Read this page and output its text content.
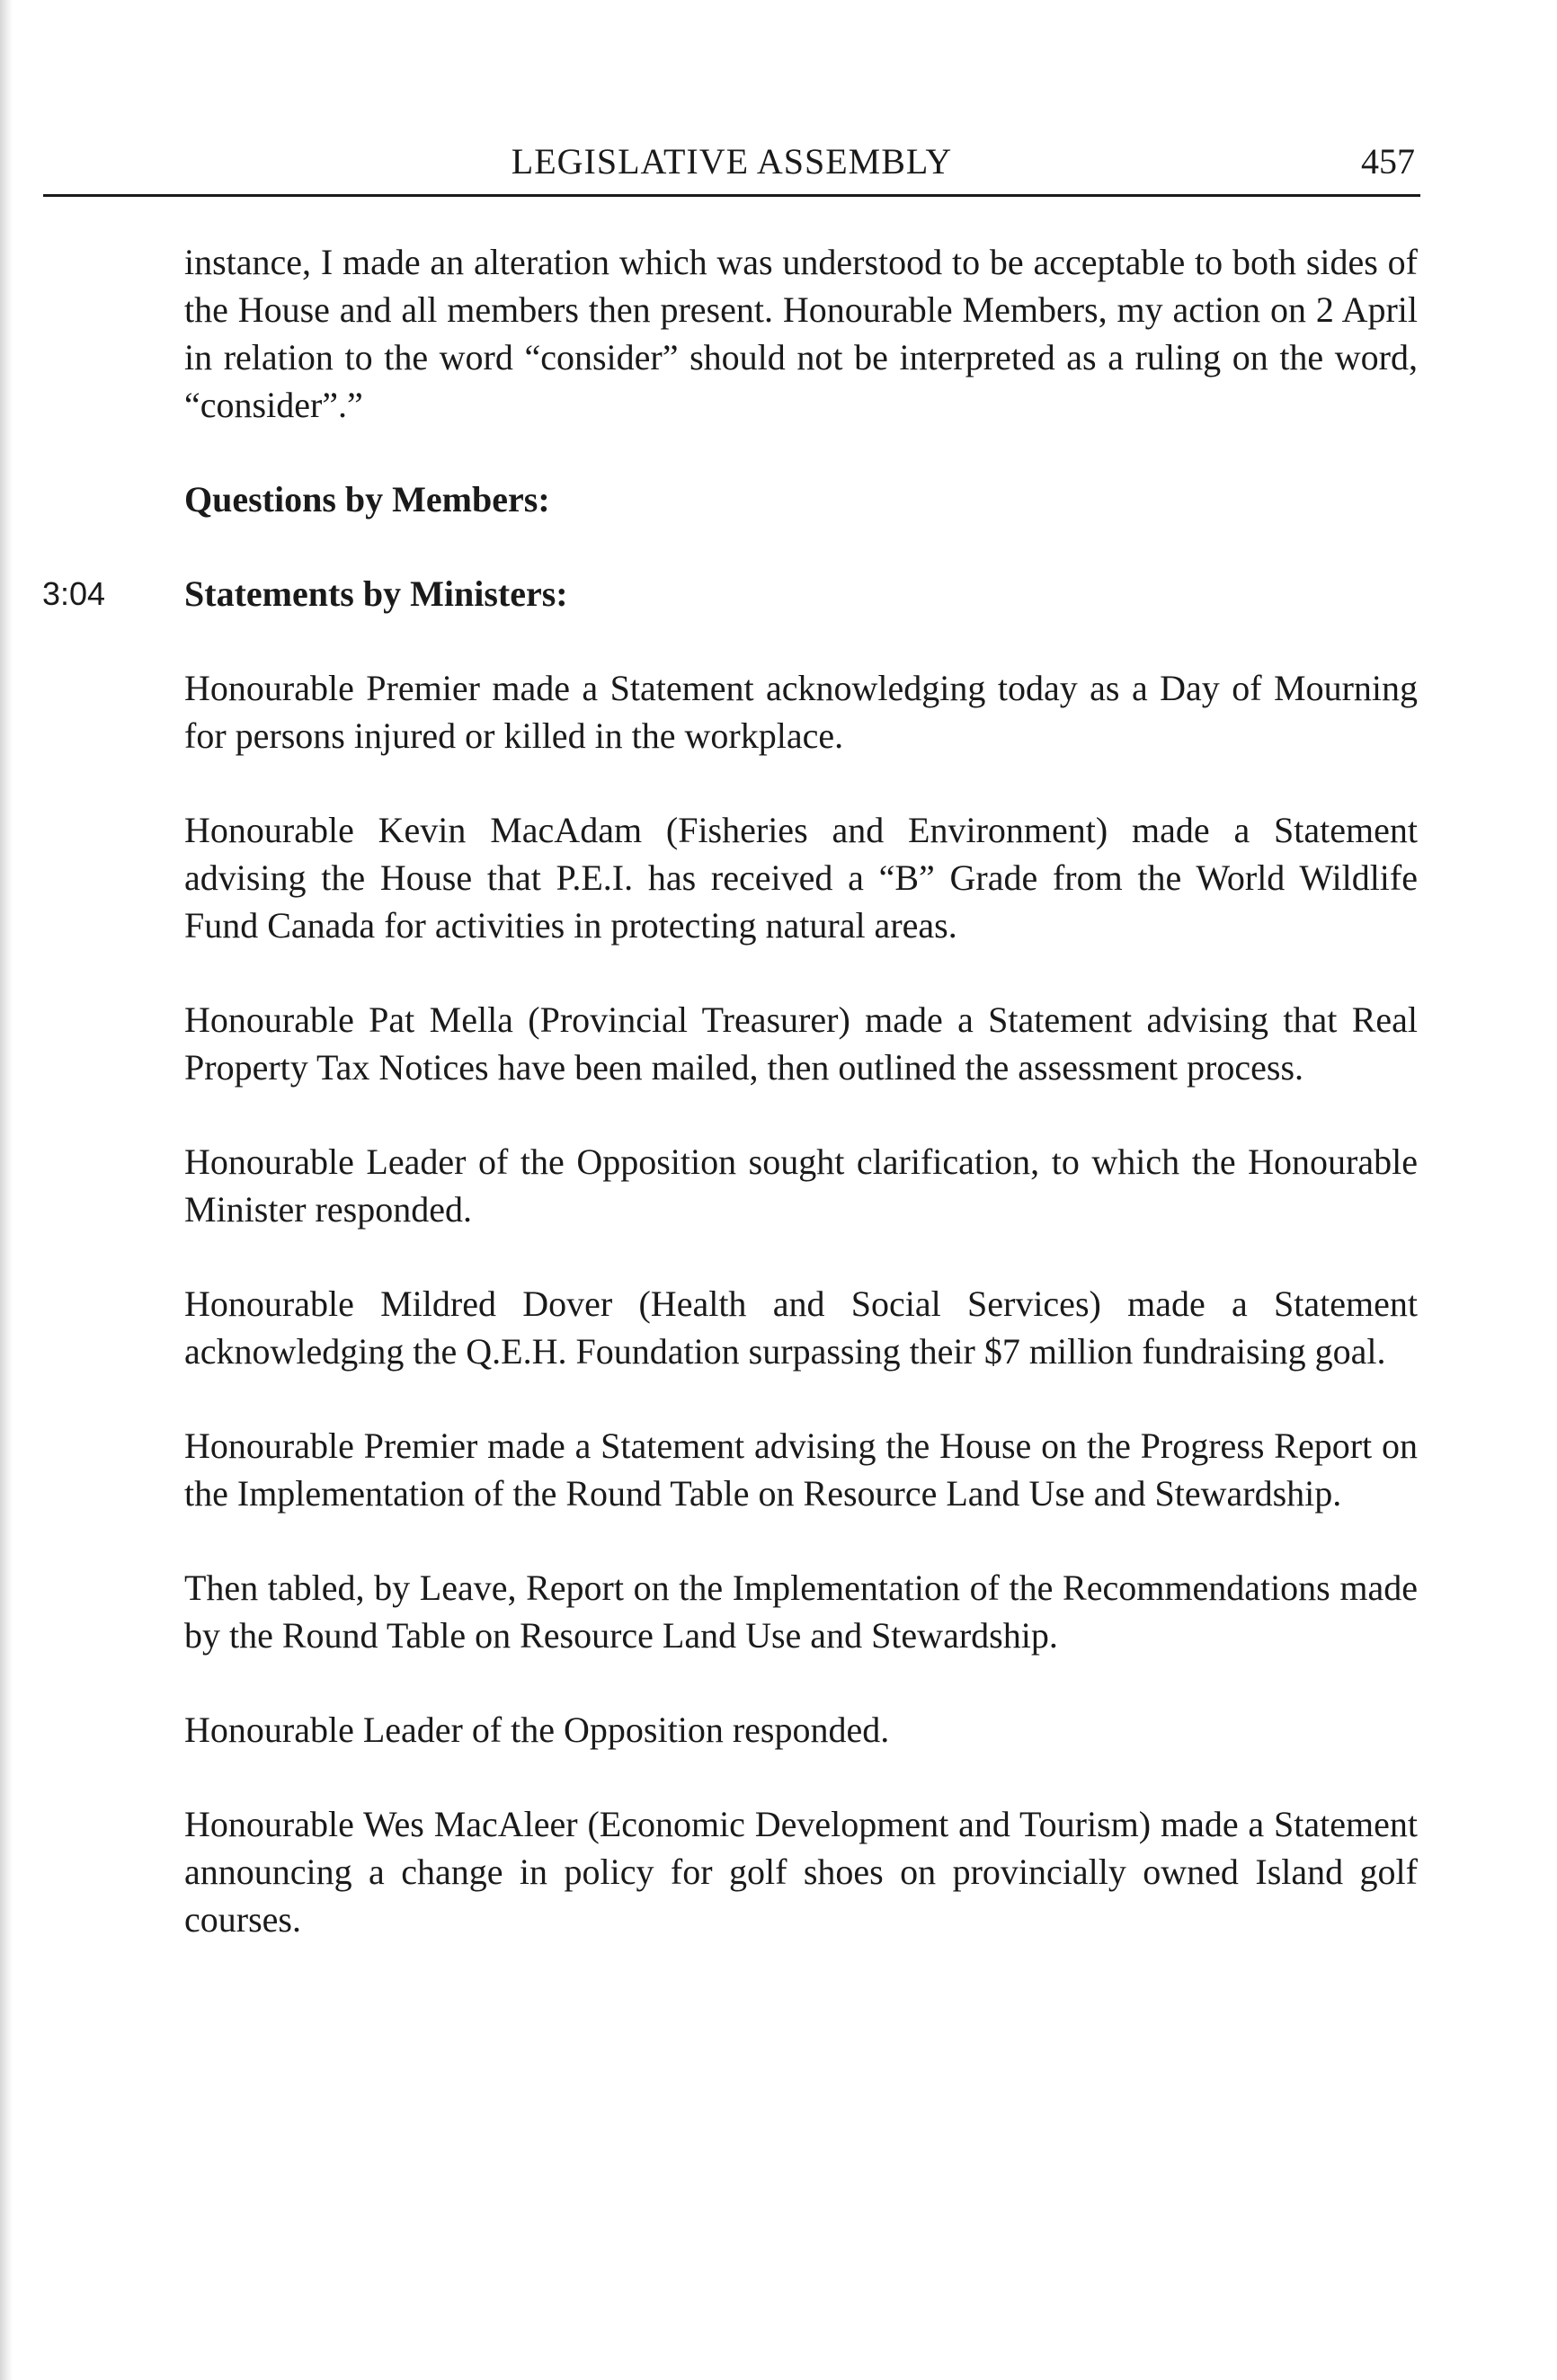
LEGISLATIVE ASSEMBLY	457

instance, I made an alteration which was understood to be acceptable to both sides of the House and all members then present. Honourable Members, my action on 2 April in relation to the word “consider” should not be interpreted as a ruling on the word, “consider”.”

Questions by Members:
3:04 Statements by Ministers:

Honourable Premier made a Statement acknowledging today as a Day of Mourning for persons injured or killed in the workplace.

Honourable Kevin MacAdam (Fisheries and Environment) made a Statement advising the House that P.E.I. has received a “B” Grade from the World Wildlife Fund Canada for activities in protecting natural areas.

Honourable Pat Mella (Provincial Treasurer) made a Statement advising that Real Property Tax Notices have been mailed, then outlined the assessment process.

Honourable Leader of the Opposition sought clarification, to which the Honourable Minister responded.

Honourable Mildred Dover (Health and Social Services) made a Statement acknowledging the Q.E.H. Foundation surpassing their $7 million fundraising goal.

Honourable Premier made a Statement advising the House on the Progress Report on the Implementation of the Round Table on Resource Land Use and Stewardship.

Then tabled, by Leave, Report on the Implementation of the Recommendations made by the Round Table on Resource Land Use and Stewardship.

Honourable Leader of the Opposition responded.

Honourable Wes MacAleer (Economic Development and Tourism) made a Statement announcing a change in policy for golf shoes on provincially owned Island golf courses.
